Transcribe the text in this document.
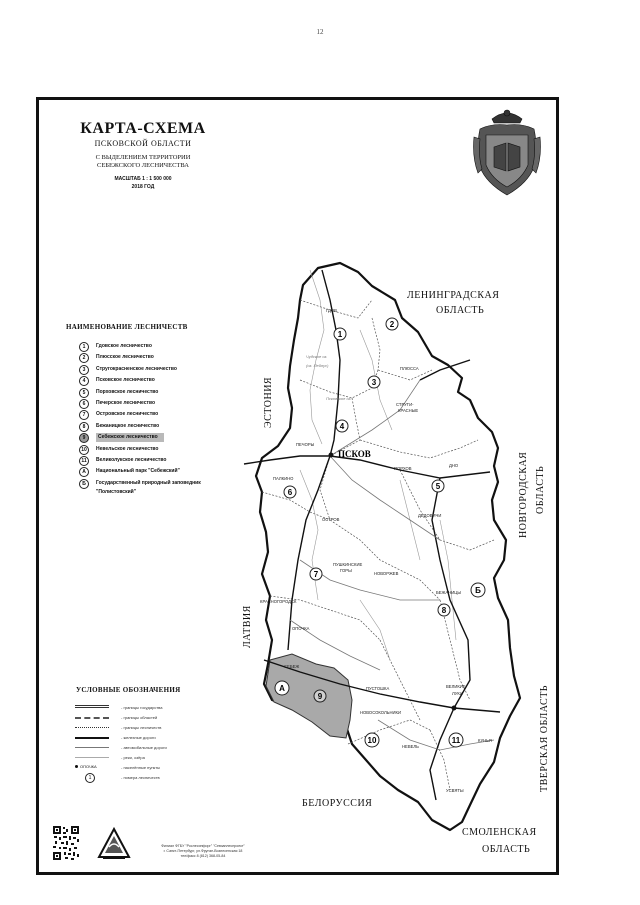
12
КАРТА-СХЕМА
ПСКОВСКОЙ ОБЛАСТИ
С ВЫДЕЛЕНИЕМ ТЕРРИТОРИИ
СЕБЕЖСКОГО ЛЕСНИЧЕСТВА
МАСШТАБ 1 : 1 500 000
2018 ГОД
НАИМЕНОВАНИЕ ЛЕСНИЧЕСТВ
1	Гдовское лесничество
2	Плюсское лесничество
3	Стругокрасненское лесничество
4	Псковское лесничество
5	Порховское лесничество
6	Печерское лесничество
7	Островское лесничество
8	Бежаницкое лесничество
9	Себежское лесничество
10	Невельское лесничество
11	Великолукское лесничество
А	Национальный парк "Себежский"
Б	Государственный природный заповедник "Полистовский"
УСЛОВНЫЕ ОБОЗНАЧЕНИЯ
- границы государства
- границы областей
- границы лесничеств
- железные дороги
- автомобильные дороги
- реки, озёра
ОПОЧКА	- населённые пункты
1	- номера лесничеств
1
2
3
4
5
6
7
8
9
10	11
А
Б
ГДОВ
ПЛЮССА
СТРУГИ-
КРАСНЫЕ
ПЕЧОРЫ
ПАЛКИНО
ПОРХОВ
ДНО
ДЕДОВИЧИ
ОСТРОВ
ПУШКИНСКИЕ
ГОРЫ
НОВОРЖЕВ
БЕЖАНИЦЫ
КРАСНОГОРОДСК
ОПОЧКА
СЕБЕЖ
ПУСТОШКА
НОВОСОКОЛЬНИКИ
ВЕЛИКИЕ
ЛУКИ
КУНЬЯ
НЕВЕЛЬ
УСВЯТЫ
ПСКОВ
Чудское оз.
(оз. Пейпус)
Псковское оз.
ЛЕНИНГРАДСКАЯ
ОБЛАСТЬ
БЕЛОРУССИЯ
СМОЛЕНСКАЯ
ОБЛАСТЬ
ЭСТОНИЯ
ЛАТВИЯ
НОВГОРОДСКАЯ ОБЛАСТЬ
ТВЕРСКАЯ ОБЛАСТЬ
Филиал ФГБУ "Рослесинфорг" "Севзаплеспроект"
г. Санкт-Петербург, ул.Фрунзе-Вознесенская 18
тел/факс 8 (812) 368-05-84
